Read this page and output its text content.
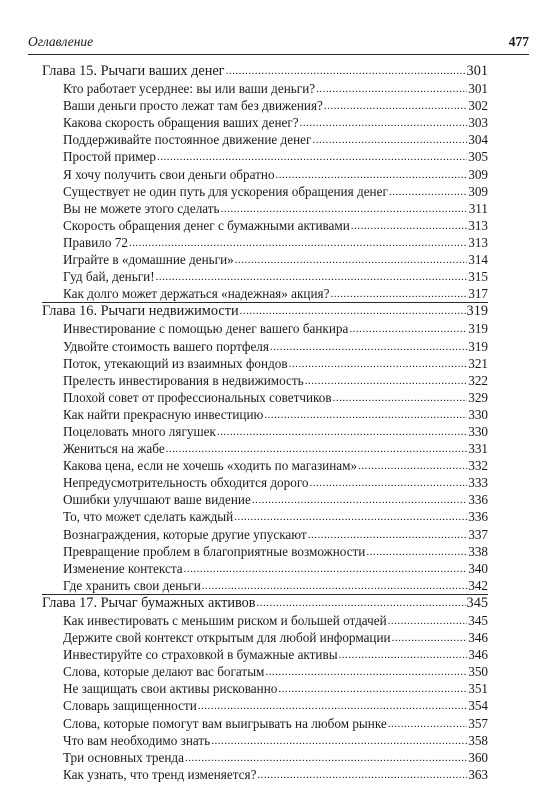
Оглавление	477
Глава 15. Рычаги ваших денег .....	301
Кто работает усерднее: вы или ваши деньги? .....	301
Ваши деньги просто лежат там без движения? .....	302
Какова скорость обращения ваших денег? .....	303
Поддерживайте постоянное движение денег .....	304
Простой пример .....	305
Я хочу получить свои деньги обратно .....	309
Существует не один путь для ускорения обращения денег .....	309
Вы не можете этого сделать .....	311
Скорость обращения денег с бумажными активами .....	313
Правило 72 .....	313
Играйте в «домашние деньги» .....	314
Гуд бай, деньги! .....	315
Как долго может держаться «надежная» акция? .....	317
Глава 16. Рычаги недвижимости .....	319
Инвестирование с помощью денег вашего банкира .....	319
Удвойте стоимость вашего портфеля .....	319
Поток, утекающий из взаимных фондов .....	321
Прелесть инвестирования в недвижимость .....	322
Плохой совет от профессиональных советчиков .....	329
Как найти прекрасную инвестицию .....	330
Поцеловать много лягушек .....	330
Жениться на жабе .....	331
Какова цена, если не хочешь «ходить по магазинам» .....	332
Непредусмотрительность обходится дорого .....	333
Ошибки улучшают ваше видение .....	336
То, что может сделать каждый .....	336
Вознаграждения, которые другие упускают .....	337
Превращение проблем в благоприятные возможности .....	338
Изменение контекста .....	340
Где хранить свои деньги .....	342
Глава 17. Рычаг бумажных активов .....	345
Как инвестировать с меньшим риском и большей отдачей .....	345
Держите свой контекст открытым для любой информации .....	346
Инвестируйте со страховкой в бумажные активы .....	346
Слова, которые делают вас богатым .....	350
Не защищать свои активы рискованно .....	351
Словарь защищенности .....	354
Слова, которые помогут вам выигрывать на любом рынке .....	357
Что вам необходимо знать .....	358
Три основных тренда .....	360
Как узнать, что тренд изменяется? .....	363
